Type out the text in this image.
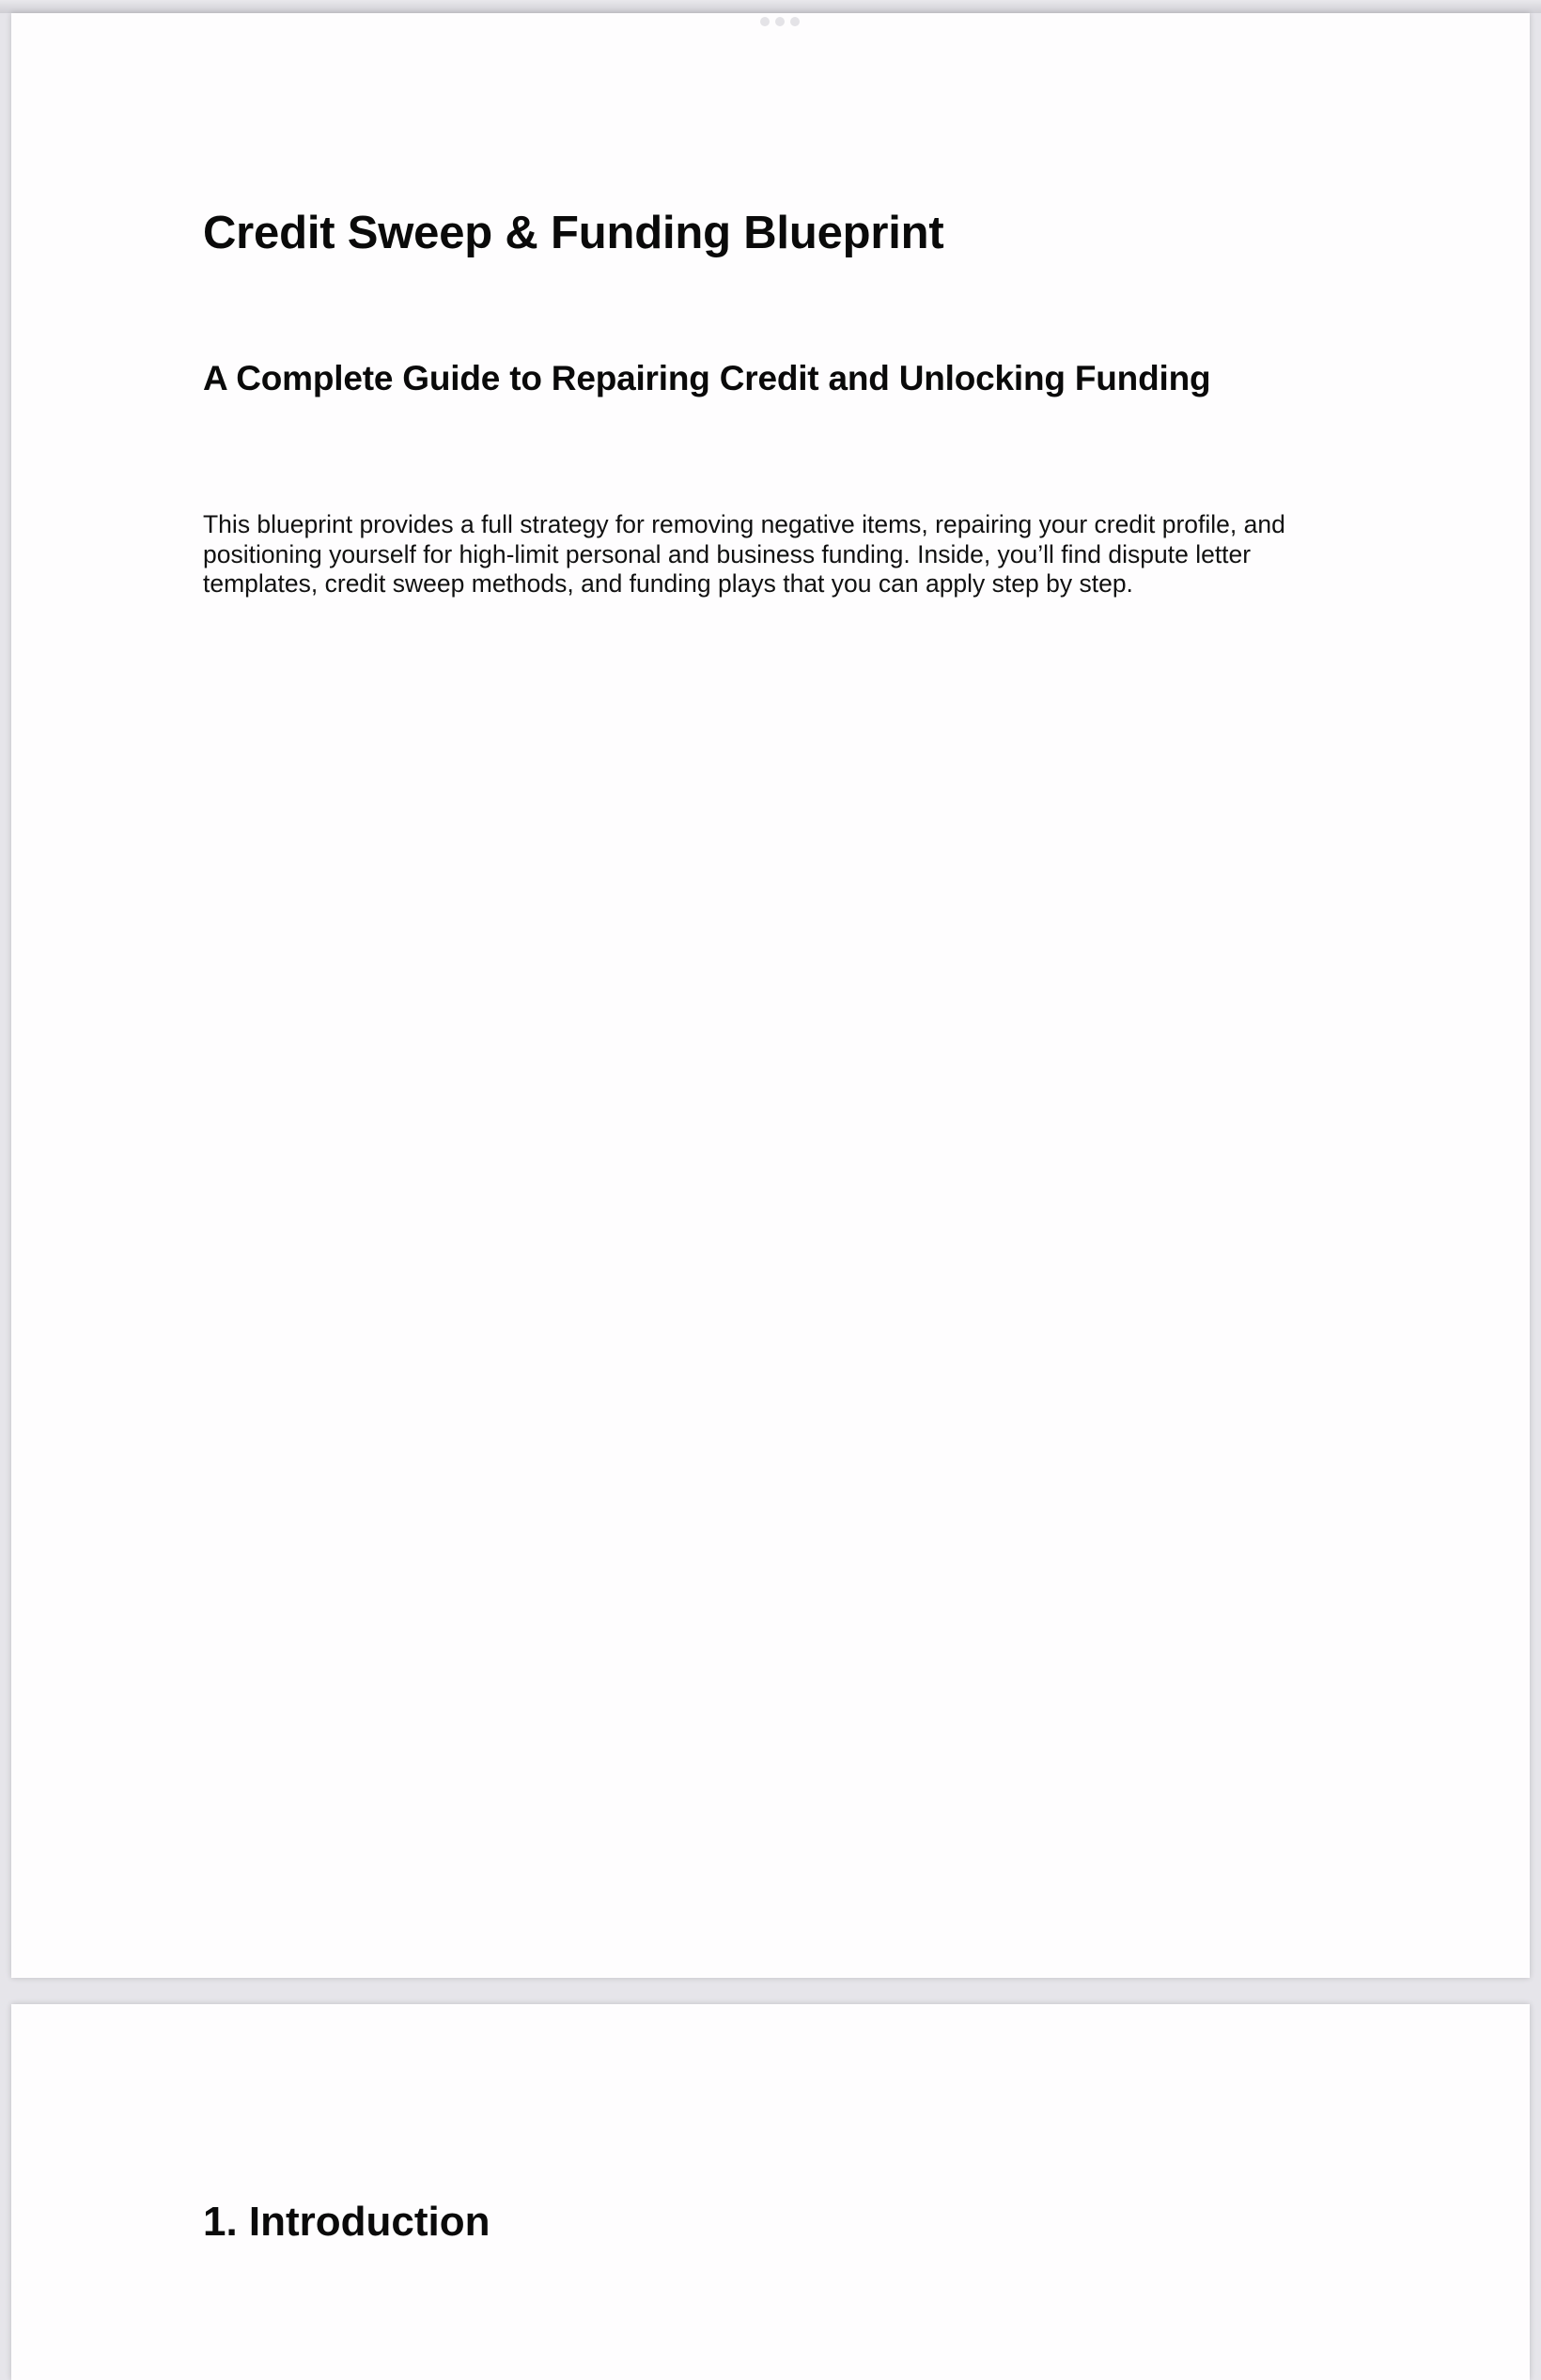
Credit Sweep & Funding Blueprint
A Complete Guide to Repairing Credit and Unlocking Funding

This blueprint provides a full strategy for removing negative items, repairing your credit profile, and positioning yourself for high-limit personal and business funding. Inside, you’ll find dispute letter templates, credit sweep methods, and funding plays that you can apply step by step.

1. Introduction
